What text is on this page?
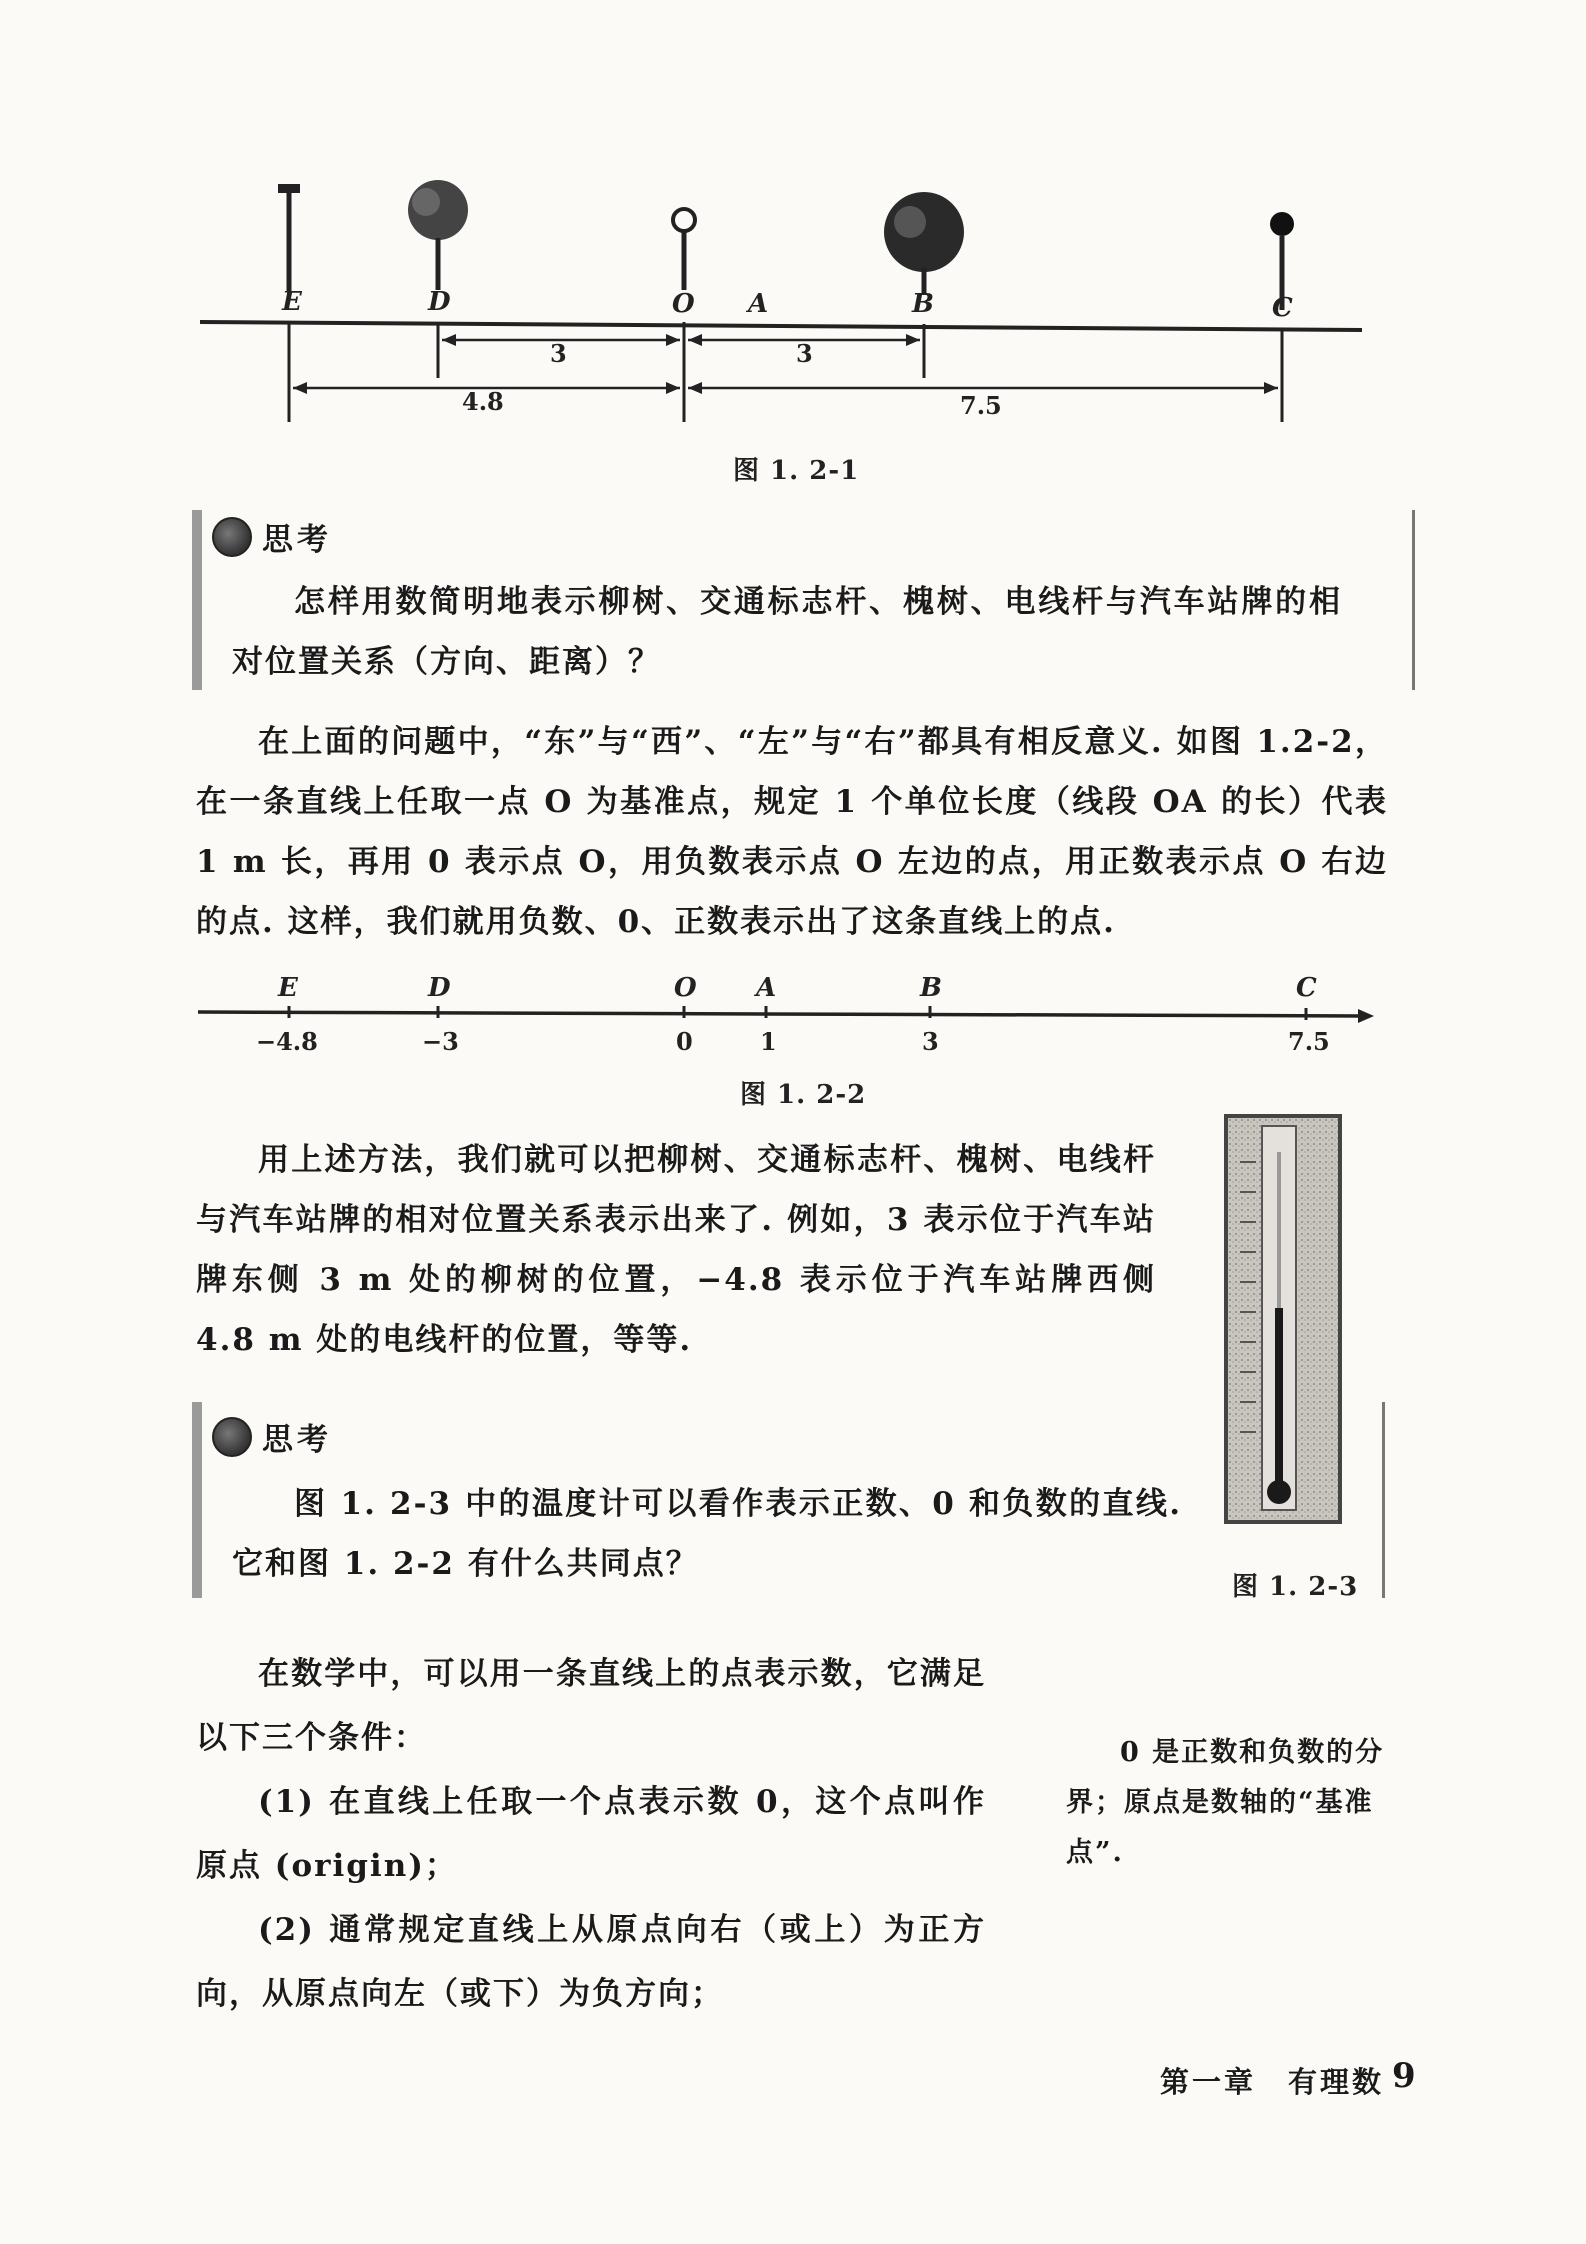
E	D	O A	B	C
3	3
4.8	7.5
图 1. 2-1
思考

怎样用数简明地表示柳树、交通标志杆、槐树、电线杆与汽车站牌的相对位置关系（方向、距离）？

在上面的问题中，“东”与“西”、“左”与“右”都具有相反意义. 如图 1.2-2，在一条直线上任取一点 O 为基准点，规定 1 个单位长度（线段 OA 的长）代表 1 m 长，再用 0 表示点 O，用负数表示点 O 左边的点，用正数表示点 O 右边的点. 这样，我们就用负数、0、正数表示出了这条直线上的点.

E	D	O A	B	C
−4.8	−3	0	1	3	7.5
图 1. 2-2

用上述方法，我们就可以把柳树、交通标志杆、槐树、电线杆与汽车站牌的相对位置关系表示出来了. 例如，3 表示位于汽车站牌东侧 3 m 处的柳树的位置，−4.8 表示位于汽车站牌西侧 4.8 m 处的电线杆的位置，等等.

图 1. 2-3
思考

图 1. 2-3 中的温度计可以看作表示正数、0 和负数的直线. 它和图 1. 2-2 有什么共同点？

在数学中，可以用一条直线上的点表示数，它满足以下三个条件：

(1) 在直线上任取一个点表示数 0，这个点叫作原点 (origin)；

(2) 通常规定直线上从原点向右（或上）为正方向，从原点向左（或下）为负方向；

0 是正数和负数的分界；原点是数轴的“基准点”.

第一章　有理数 9
